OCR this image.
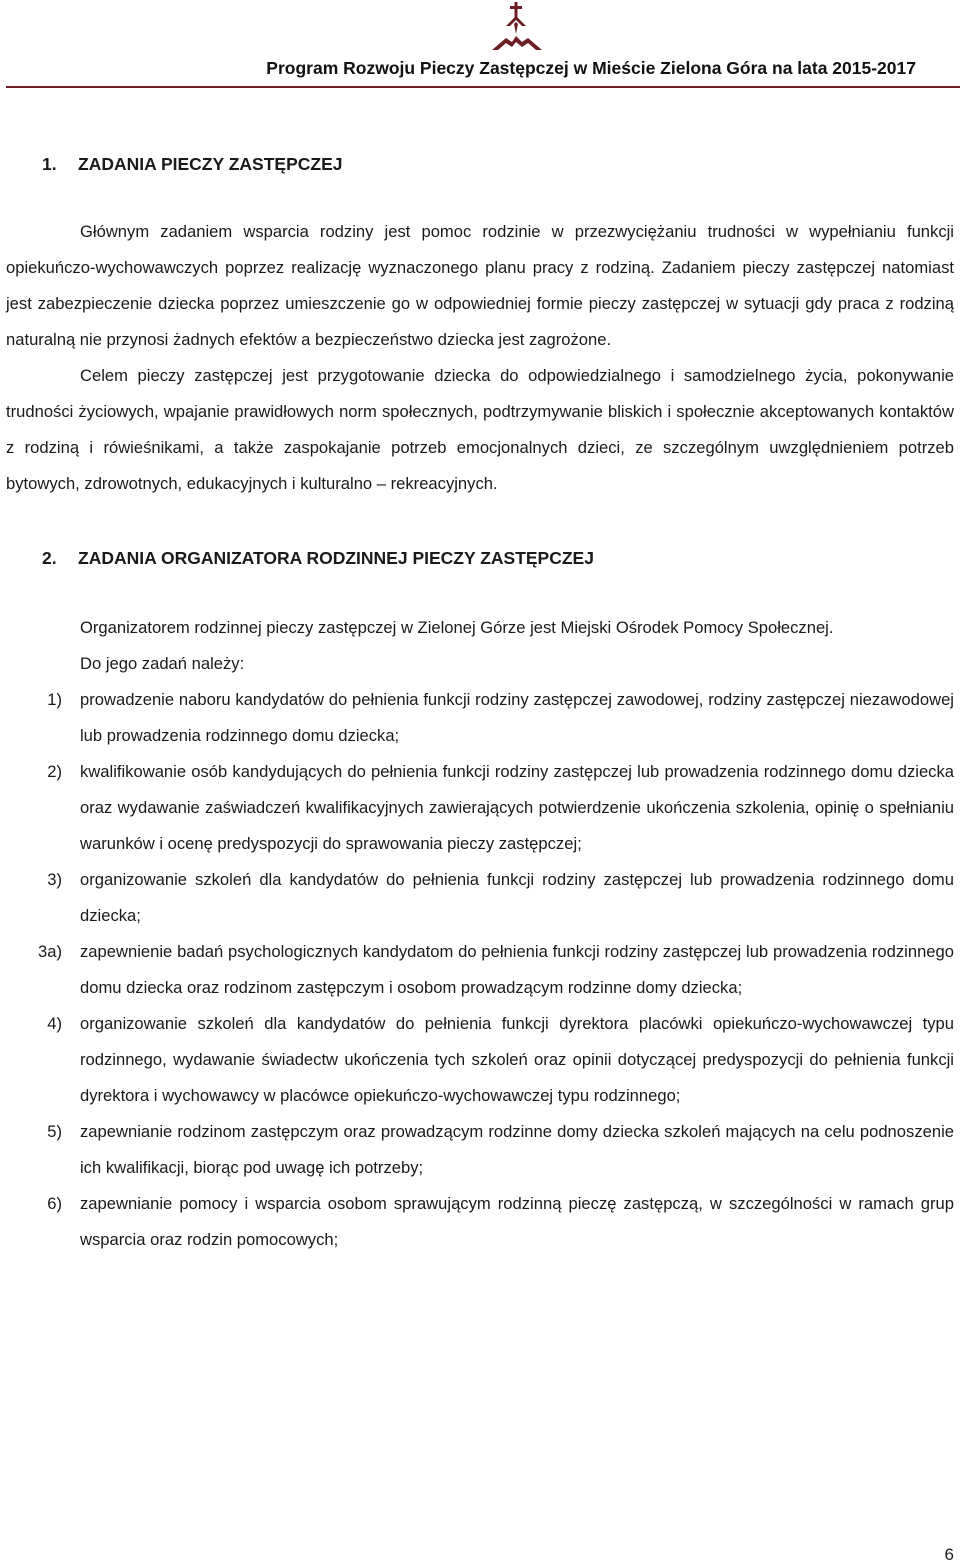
Program Rozwoju Pieczy Zastępczej w Mieście Zielona Góra na lata 2015-2017
1. ZADANIA PIECZY ZASTĘPCZEJ

Głównym zadaniem wsparcia rodziny jest pomoc rodzinie w przezwyciężaniu trudności w wypełnianiu funkcji opiekuńczo-wychowawczych poprzez realizację wyznaczonego planu pracy z rodziną. Zadaniem pieczy zastępczej natomiast jest zabezpieczenie dziecka poprzez umieszczenie go w odpowiedniej formie pieczy zastępczej w sytuacji gdy praca z rodziną naturalną nie przynosi żadnych efektów a bezpieczeństwo dziecka jest zagrożone.

Celem pieczy zastępczej jest przygotowanie dziecka do odpowiedzialnego i samodzielnego życia, pokonywanie trudności życiowych, wpajanie prawidłowych norm społecznych, podtrzymywanie bliskich i społecznie akceptowanych kontaktów z rodziną i rówieśnikami, a także zaspokajanie potrzeb emocjonalnych dzieci, ze szczególnym uwzględnieniem potrzeb bytowych, zdrowotnych, edukacyjnych i kulturalno – rekreacyjnych.

2. ZADANIA ORGANIZATORA RODZINNEJ PIECZY ZASTĘPCZEJ

Organizatorem rodzinnej pieczy zastępczej w Zielonej Górze jest Miejski Ośrodek Pomocy Społecznej.

Do jego zadań należy:

1) prowadzenie naboru kandydatów do pełnienia funkcji rodziny zastępczej zawodowej, rodziny zastępczej niezawodowej lub prowadzenia rodzinnego domu dziecka;
2) kwalifikowanie osób kandydujących do pełnienia funkcji rodziny zastępczej lub prowadzenia rodzinnego domu dziecka oraz wydawanie zaświadczeń kwalifikacyjnych zawierających potwierdzenie ukończenia szkolenia, opinię o spełnianiu warunków i ocenę predyspozycji do sprawowania pieczy zastępczej;
3) organizowanie szkoleń dla kandydatów do pełnienia funkcji rodziny zastępczej lub prowadzenia rodzinnego domu dziecka;
3a) zapewnienie badań psychologicznych kandydatom do pełnienia funkcji rodziny zastępczej lub prowadzenia rodzinnego domu dziecka oraz rodzinom zastępczym i osobom prowadzącym rodzinne domy dziecka;
4) organizowanie szkoleń dla kandydatów do pełnienia funkcji dyrektora placówki opiekuńczo-wychowawczej typu rodzinnego, wydawanie świadectw ukończenia tych szkoleń oraz opinii dotyczącej predyspozycji do pełnienia funkcji dyrektora i wychowawcy w placówce opiekuńczo-wychowawczej typu rodzinnego;
5) zapewnianie rodzinom zastępczym oraz prowadzącym rodzinne domy dziecka szkoleń mających na celu podnoszenie ich kwalifikacji, biorąc pod uwagę ich potrzeby;
6) zapewnianie pomocy i wsparcia osobom sprawującym rodzinną pieczę zastępczą, w szczególności w ramach grup wsparcia oraz rodzin pomocowych;
6
